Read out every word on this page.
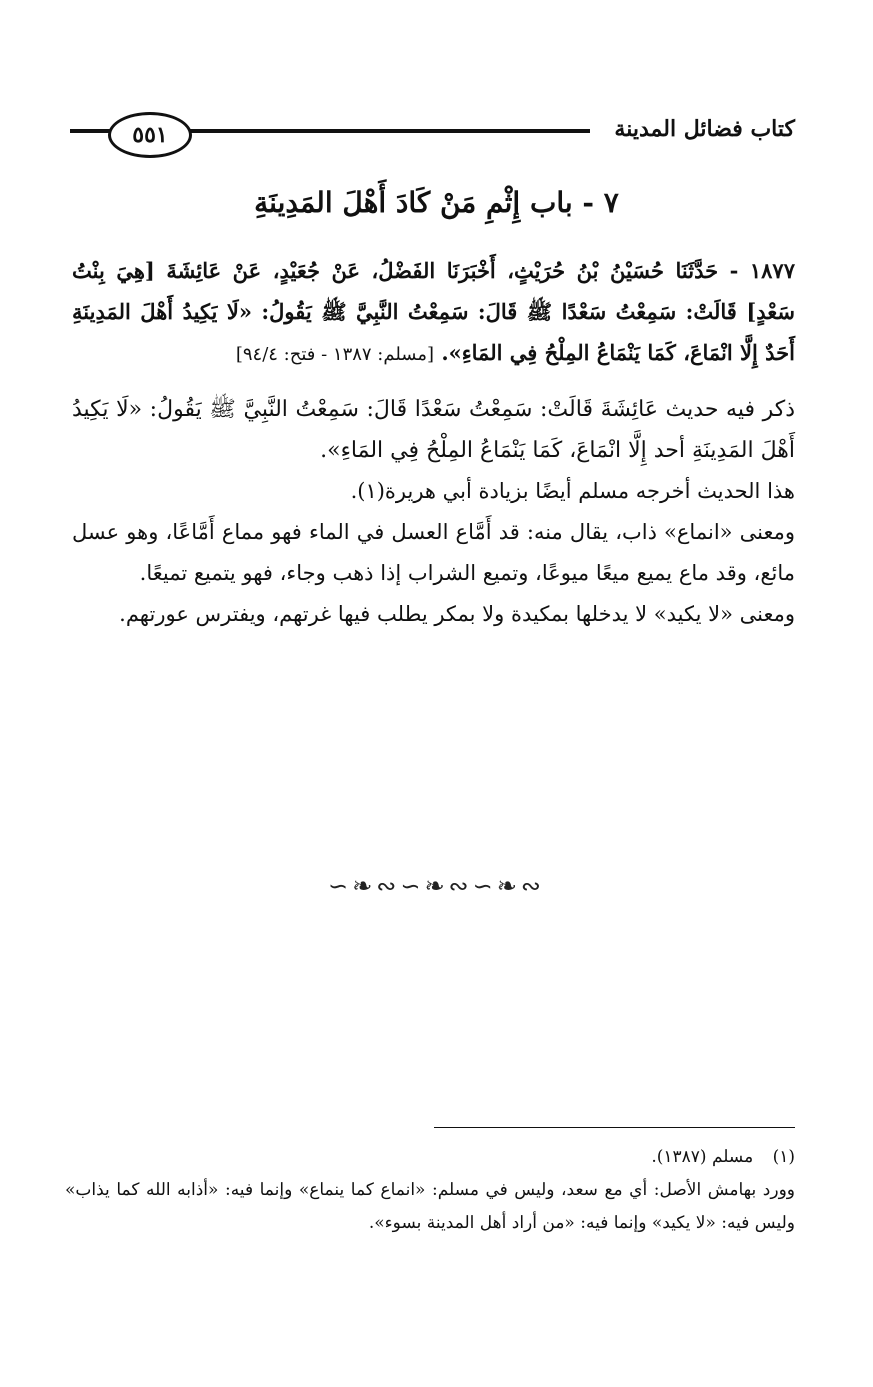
كتاب فضائل المدينة
٥٥١
٧ - باب إِثْمِ مَنْ كَادَ أَهْلَ المَدِينَةِ

١٨٧٧ - حَدَّثَنَا حُسَيْنُ بْنُ حُرَيْثٍ، أَخْبَرَنَا الفَضْلُ، عَنْ جُعَيْدٍ، عَنْ عَائِشَةَ [هِيَ بِنْتُ سَعْدٍ] قَالَتْ: سَمِعْتُ سَعْدًا ﷺ قَالَ: سَمِعْتُ النَّبِيَّ ﷺ يَقُولُ: «لَا يَكِيدُ أَهْلَ المَدِينَةِ أَحَدٌ إِلَّا انْمَاعَ، كَمَا يَنْمَاعُ المِلْحُ فِي المَاءِ». [مسلم: ١٣٨٧ - فتح: ٩٤/٤]

ذكر فيه حديث عَائِشَةَ قَالَتْ: سَمِعْتُ سَعْدًا قَالَ: سَمِعْتُ النَّبِيَّ ﷺ يَقُولُ: «لَا يَكِيدُ أَهْلَ المَدِينَةِ أحد إِلَّا انْمَاعَ، كَمَا يَنْمَاعُ المِلْحُ فِي المَاءِ».

هذا الحديث أخرجه مسلم أيضًا بزيادة أبي هريرة(١).

ومعنى «انماع» ذاب، يقال منه: قد أَمَّاع العسل في الماء فهو مماع أَمَّاعًا، وهو عسل مائع، وقد ماع يميع ميعًا ميوعًا، وتميع الشراب إذا ذهب وجاء، فهو يتميع تميعًا.

ومعنى «لا يكيد» لا يدخلها بمكيدة ولا بمكر يطلب فيها غرتهم، ويفترس عورتهم.

∽❧∾∽❧∾∽❧∾

(١) مسلم (١٣٨٧).

وورد بهامش الأصل: أي مع سعد، وليس في مسلم: «انماع كما ينماع» وإنما فيه: «أذابه الله كما يذاب» وليس فيه: «لا يكيد» وإنما فيه: «من أراد أهل المدينة بسوء».
